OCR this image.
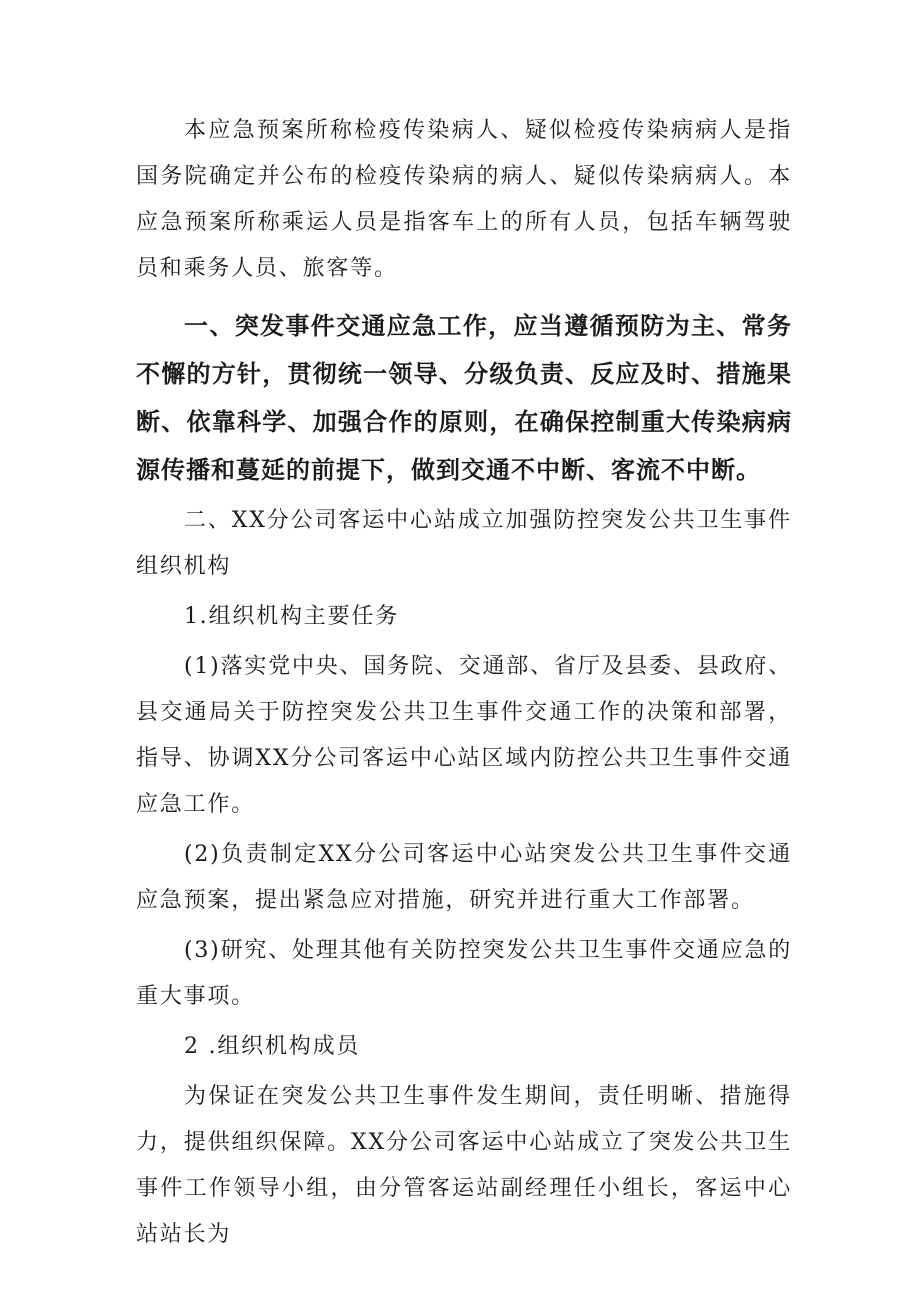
本应急预案所称检疫传染病人、疑似检疫传染病病人是指国务院确定并公布的检疫传染病的病人、疑似传染病病人。本应急预案所称乘运人员是指客车上的所有人员，包括车辆驾驶员和乘务人员、旅客等。

一、突发事件交通应急工作，应当遵循预防为主、常务不懈的方针，贯彻统一领导、分级负责、反应及时、措施果断、依靠科学、加强合作的原则，在确保控制重大传染病病源传播和蔓延的前提下，做到交通不中断、客流不中断。

二、XX分公司客运中心站成立加强防控突发公共卫生事件组织机构

1.组织机构主要任务

(1)落实党中央、国务院、交通部、省厅及县委、县政府、县交通局关于防控突发公共卫生事件交通工作的决策和部署，指导、协调XX分公司客运中心站区域内防控公共卫生事件交通应急工作。

(2)负责制定XX分公司客运中心站突发公共卫生事件交通应急预案，提出紧急应对措施，研究并进行重大工作部署。

(3)研究、处理其他有关防控突发公共卫生事件交通应急的重大事项。

2 .组织机构成员

为保证在突发公共卫生事件发生期间，责任明晰、措施得力，提供组织保障。XX分公司客运中心站成立了突发公共卫生事件工作领导小组，由分管客运站副经理任小组长，客运中心站站长为
